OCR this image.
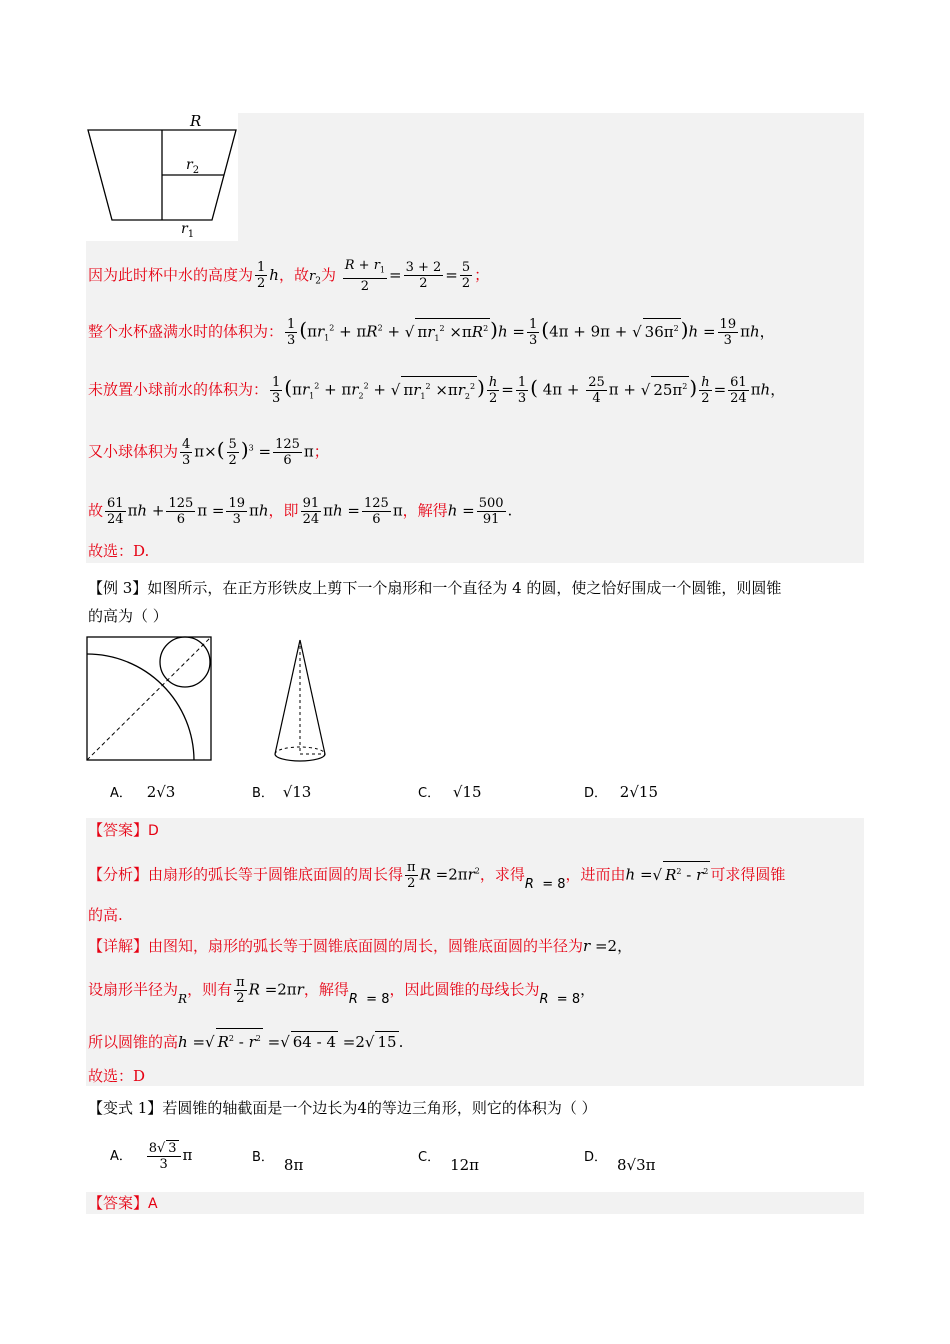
R
$r_2$
$r_1$
因为此时杯中水的高度为 $\frac{1}{2}$ h，故$r_2$为 $\frac{R + r_1}{2} = \frac{3 + 2}{2} = \frac{5}{2}$ ；
整个水杯盛满水时的体积为： $\frac{1}{3} (\pi r_1^2 + \pi R^2$ + √ $\pi r_1^2 \times\pi R^2$ )$h = \frac{1}{3} (4\pi + 9\pi$ + √ $36\pi^2$ )$h = \frac{19}{3}$ πh，
未放置小球前水的体积为： $\frac{1}{3} (\pi r_1^2 + \pi r_2^2$ + √ $\pi r_1^2 \times\pi r_2^2$ ) $\frac{h}{2} = \frac{1}{3}$ ( $4\pi + \frac{25}{4}$ π + √ $25\pi^2$ ) $\frac{h}{2} = \frac{61}{24}$ πh，
又小球体积为 $\frac{4}{3} \pi\times( \frac{5}{2} )^3 = \frac{125}{6}$ π；
故 $\frac{61}{24}$ $\pi h + \frac{125}{6}$ $\pi = \frac{19}{3}$ πh，即 $\frac{91}{24}$ $\pi h = \frac{125}{6}$ π，解得$h = \frac{500}{91}$ .
故选：D.
【例 3】如图所示，在正方形铁皮上剪下一个扇形和一个直径为 4 的圆，使之恰好围成一个圆锥，则圆锥
的高为（ ）
A． 2√3	B． √13	C． √15	D． 2√15
【答案】D
【分析】由扇形的弧长等于圆锥底面圆的周长得 $\frac{\pi}{2}$ $R =2\pi r^2$，求得R  = 8，进而由h = √ $R^2 - r^2$ 可求得圆锥
的高.
【详解】由图知，扇形的弧长等于圆锥底面圆的周长，圆锥底面圆的半径为r =2，
设扇形半径为$_R$，则有 $\frac{\pi}{2}$ R =2πr，解得R  = 8，因此圆锥的母线长为R  = 8，
所以圆锥的高h = √ $R^2 - r^2$ = √ 64 - 4 =2 √ 15 .
故选：D
【变式 1】若圆锥的轴截面是一个边长为4的等边三角形，则它的体积为（ ）
A． $\frac{8 √ 3}{3}$ π	B． 8π	C． 12π	D． 8√3π
【答案】A
